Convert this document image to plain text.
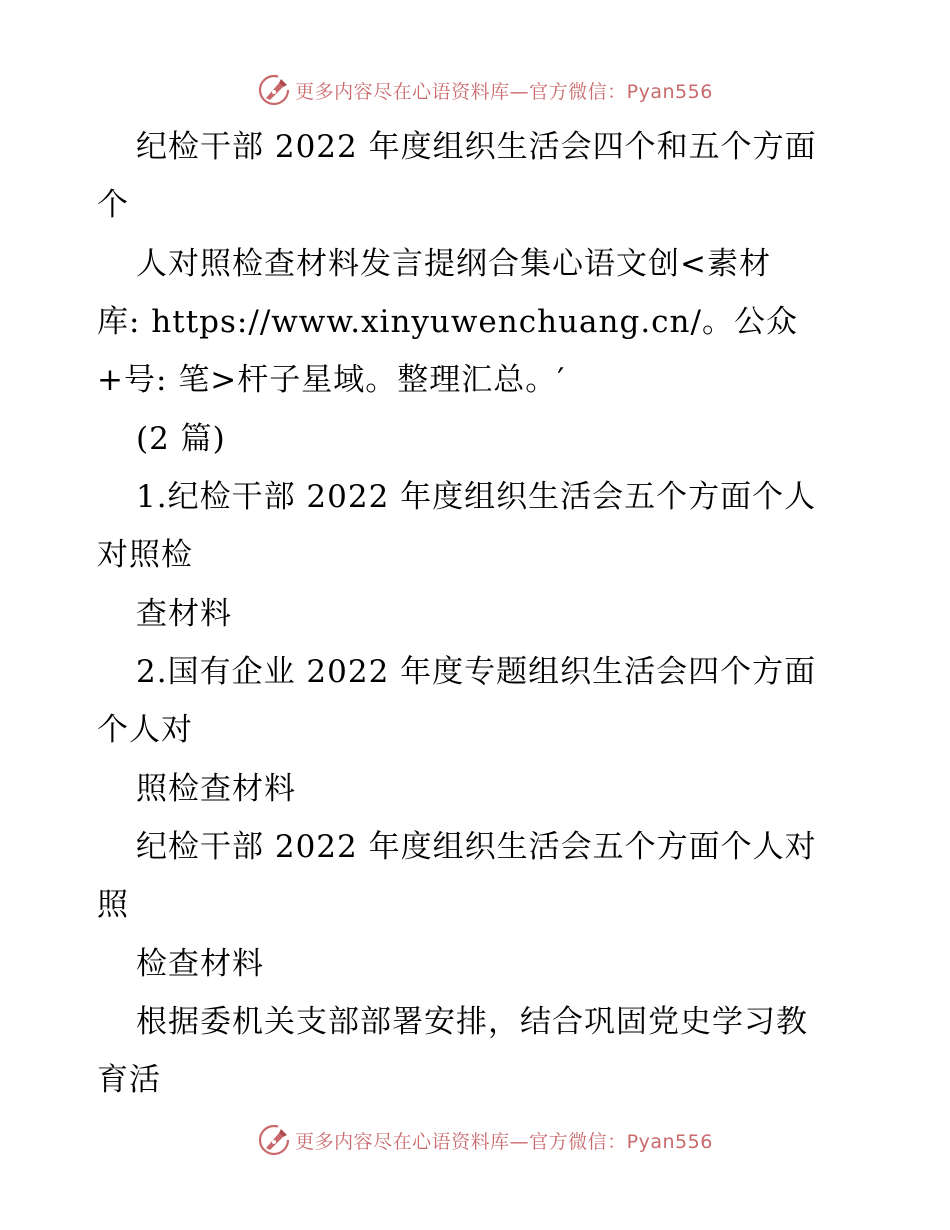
更多内容尽在心语资料库—官方微信：Pyan556
纪检干部 2022 年度组织生活会四个和五个方面
个
人对照检查材料发言提纲合集心语文创<素材
库: https://www.xinyuwenchuang.cn/。公众
+号: 笔>杆子星域。整理汇总。′
(2 篇)
1.纪检干部 2022 年度组织生活会五个方面个人
对照检
查材料
2.国有企业 2022 年度专题组织生活会四个方面
个人对
照检查材料
纪检干部 2022 年度组织生活会五个方面个人对
照
检查材料
根据委机关支部部署安排，结合巩固党史学习教
育活
更多内容尽在心语资料库—官方微信：Pyan556
